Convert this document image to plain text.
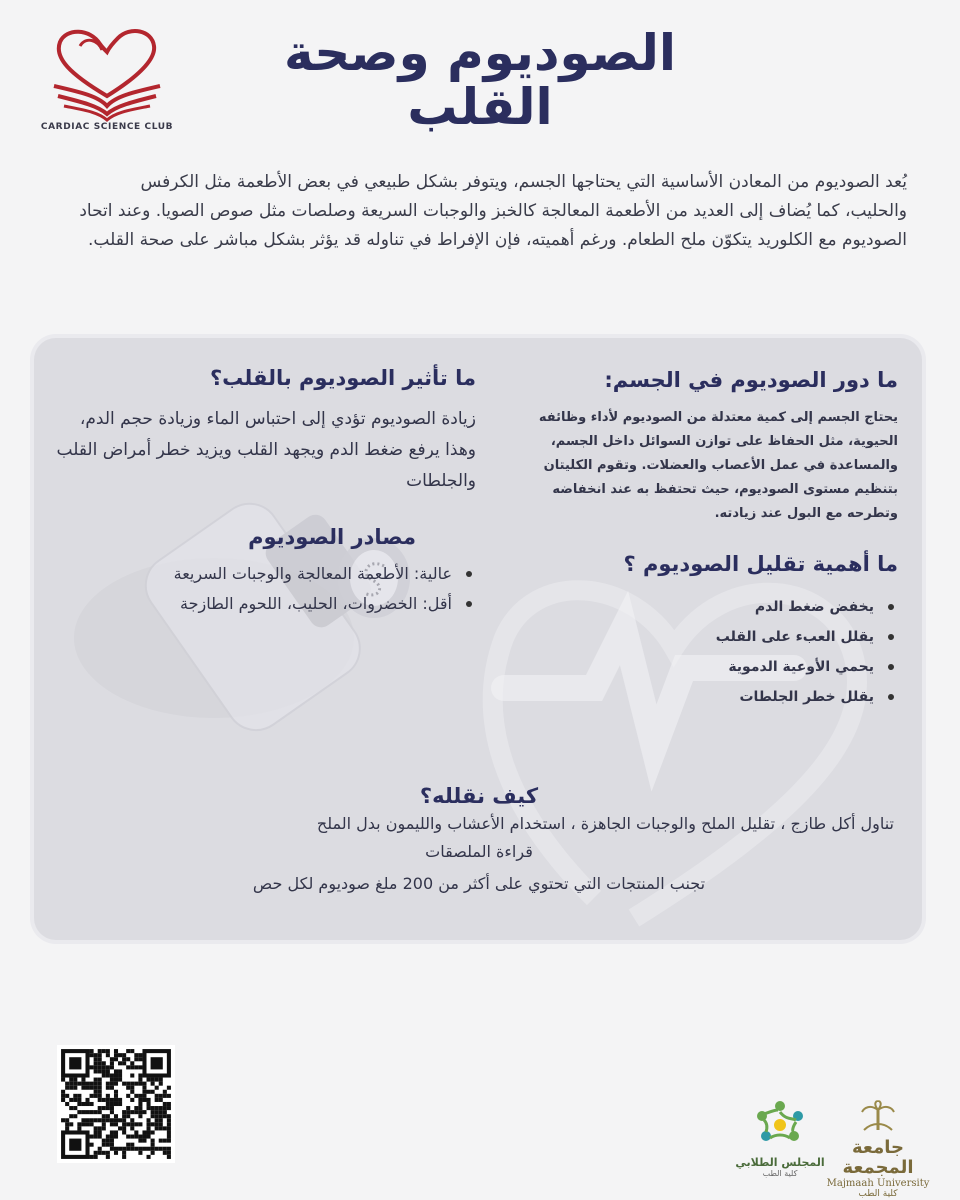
CARDIAC SCIENCE CLUB
الصوديوم وصحة القلب
يُعد الصوديوم من المعادن الأساسية التي يحتاجها الجسم، ويتوفر بشكل طبيعي في بعض الأطعمة مثل الكرفس والحليب، كما يُضاف إلى العديد من الأطعمة المعالجة كالخبز والوجبات السريعة وصلصات مثل صوص الصويا. وعند اتحاد الصوديوم مع الكلوريد يتكوّن ملح الطعام. ورغم أهميته، فإن الإفراط في تناوله قد يؤثر بشكل مباشر على صحة القلب.
ما دور الصوديوم في الجسم:

يحتاج الجسم إلى كمية معتدلة من الصوديوم لأداء وظائفه الحيوية، مثل الحفاظ على توازن السوائل داخل الجسم، والمساعدة في عمل الأعصاب والعضلات. وتقوم الكليتان بتنظيم مستوى الصوديوم، حيث تحتفظ به عند انخفاضه وتطرحه مع البول عند زيادته.

ما أهمية تقليل الصوديوم ؟
يخفض ضغط الدم
يقلل العبء على القلب
يحمي الأوعية الدموية
يقلل خطر الجلطات
ما تأثير الصوديوم بالقلب؟

زيادة الصوديوم تؤدي إلى احتباس الماء وزيادة حجم الدم، وهذا يرفع ضغط الدم ويجهد القلب ويزيد خطر أمراض القلب والجلطات

مصادر الصوديوم
عالية: الأطعمة المعالجة والوجبات السريعة
أقل: الخضروات، الحليب، اللحوم الطازجة
كيف نقلله؟

تناول أكل طازج ، تقليل الملح والوجبات الجاهزة ، استخدام الأعشاب والليمون بدل الملح

قراءة الملصقات

تجنب المنتجات التي تحتوي على أكثر من 200 ملغ صوديوم لكل حص

المجلس الطلابي
كلية الطب
جامعة المجمعة
Majmaah University
كلية الطب
